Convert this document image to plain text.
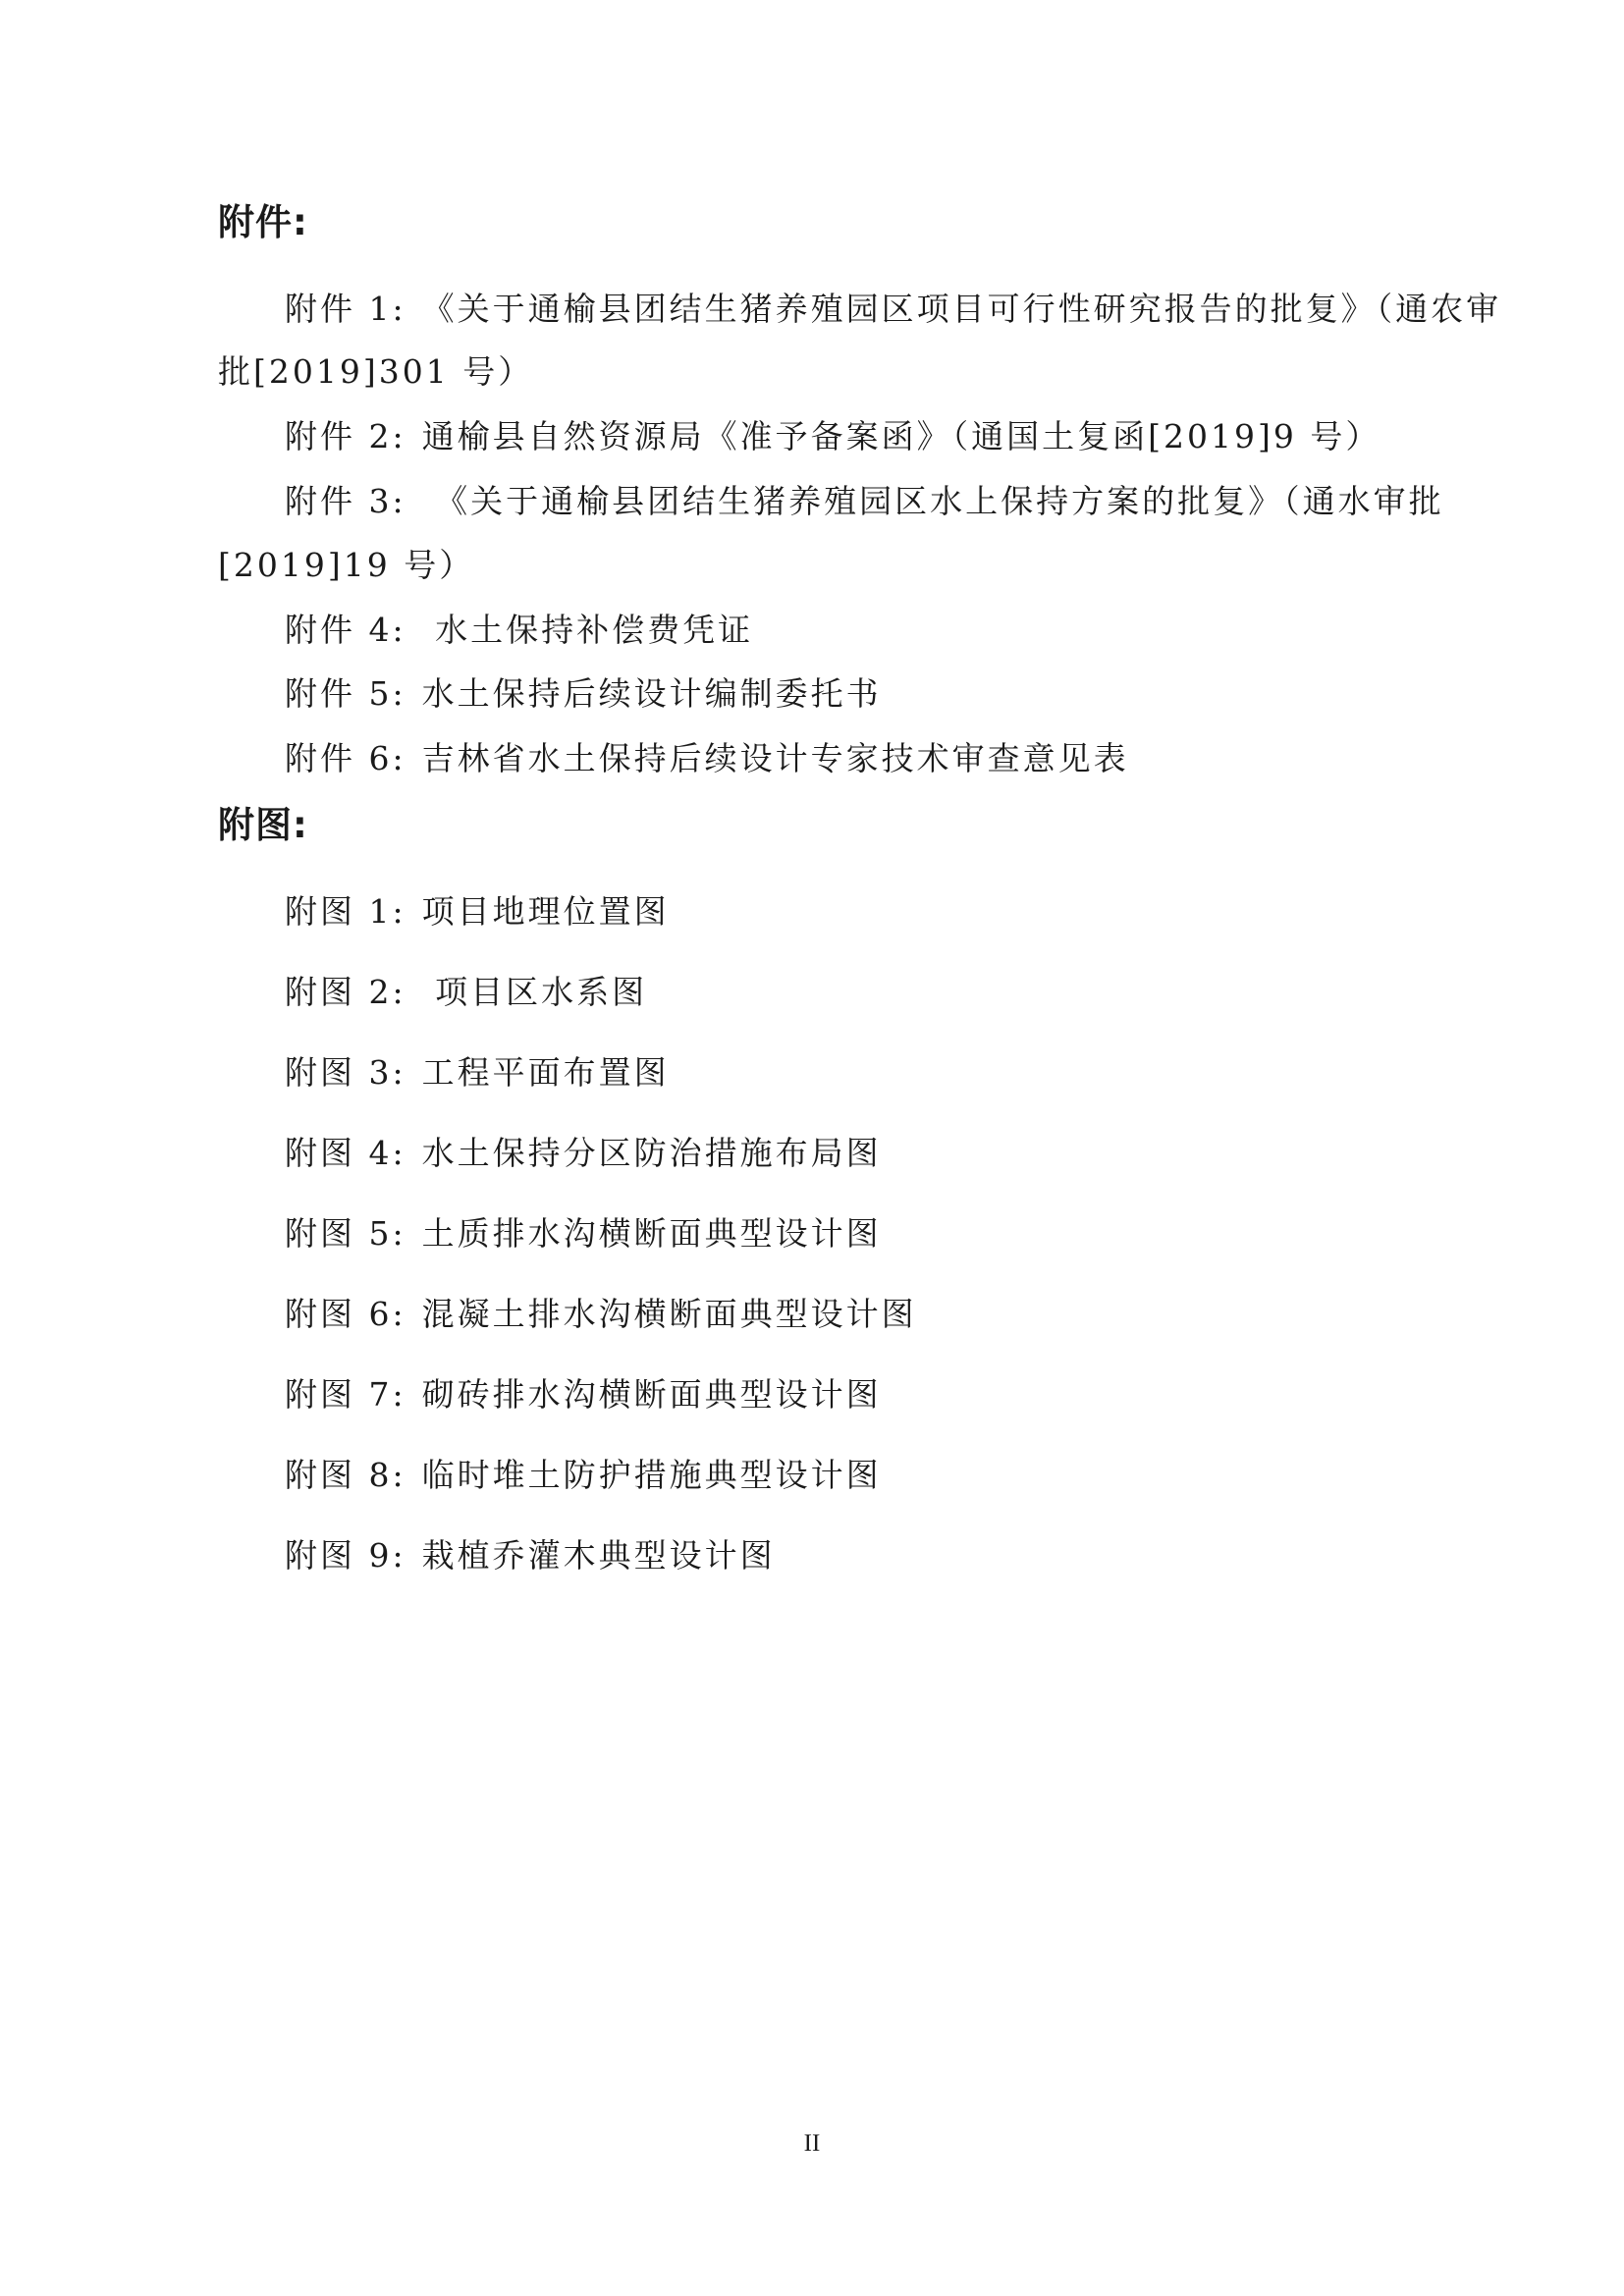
附件:
附件 1: 《关于通榆县团结生猪养殖园区项目可行性研究报告的批复》（通农审
批[2019]301 号）
附件 2: 通榆县自然资源局《准予备案函》（通国土复函[2019]9 号）
附件 3: 《关于通榆县团结生猪养殖园区水上保持方案的批复》（通水审批
[2019]19 号）
附件 4: 水土保持补偿费凭证
附件 5: 水土保持后续设计编制委托书
附件 6: 吉林省水土保持后续设计专家技术审查意见表
附图:
附图 1: 项目地理位置图
附图 2: 项目区水系图
附图 3: 工程平面布置图
附图 4: 水土保持分区防治措施布局图
附图 5: 土质排水沟横断面典型设计图
附图 6: 混凝土排水沟横断面典型设计图
附图 7: 砌砖排水沟横断面典型设计图
附图 8: 临时堆土防护措施典型设计图
附图 9: 栽植乔灌木典型设计图
II
